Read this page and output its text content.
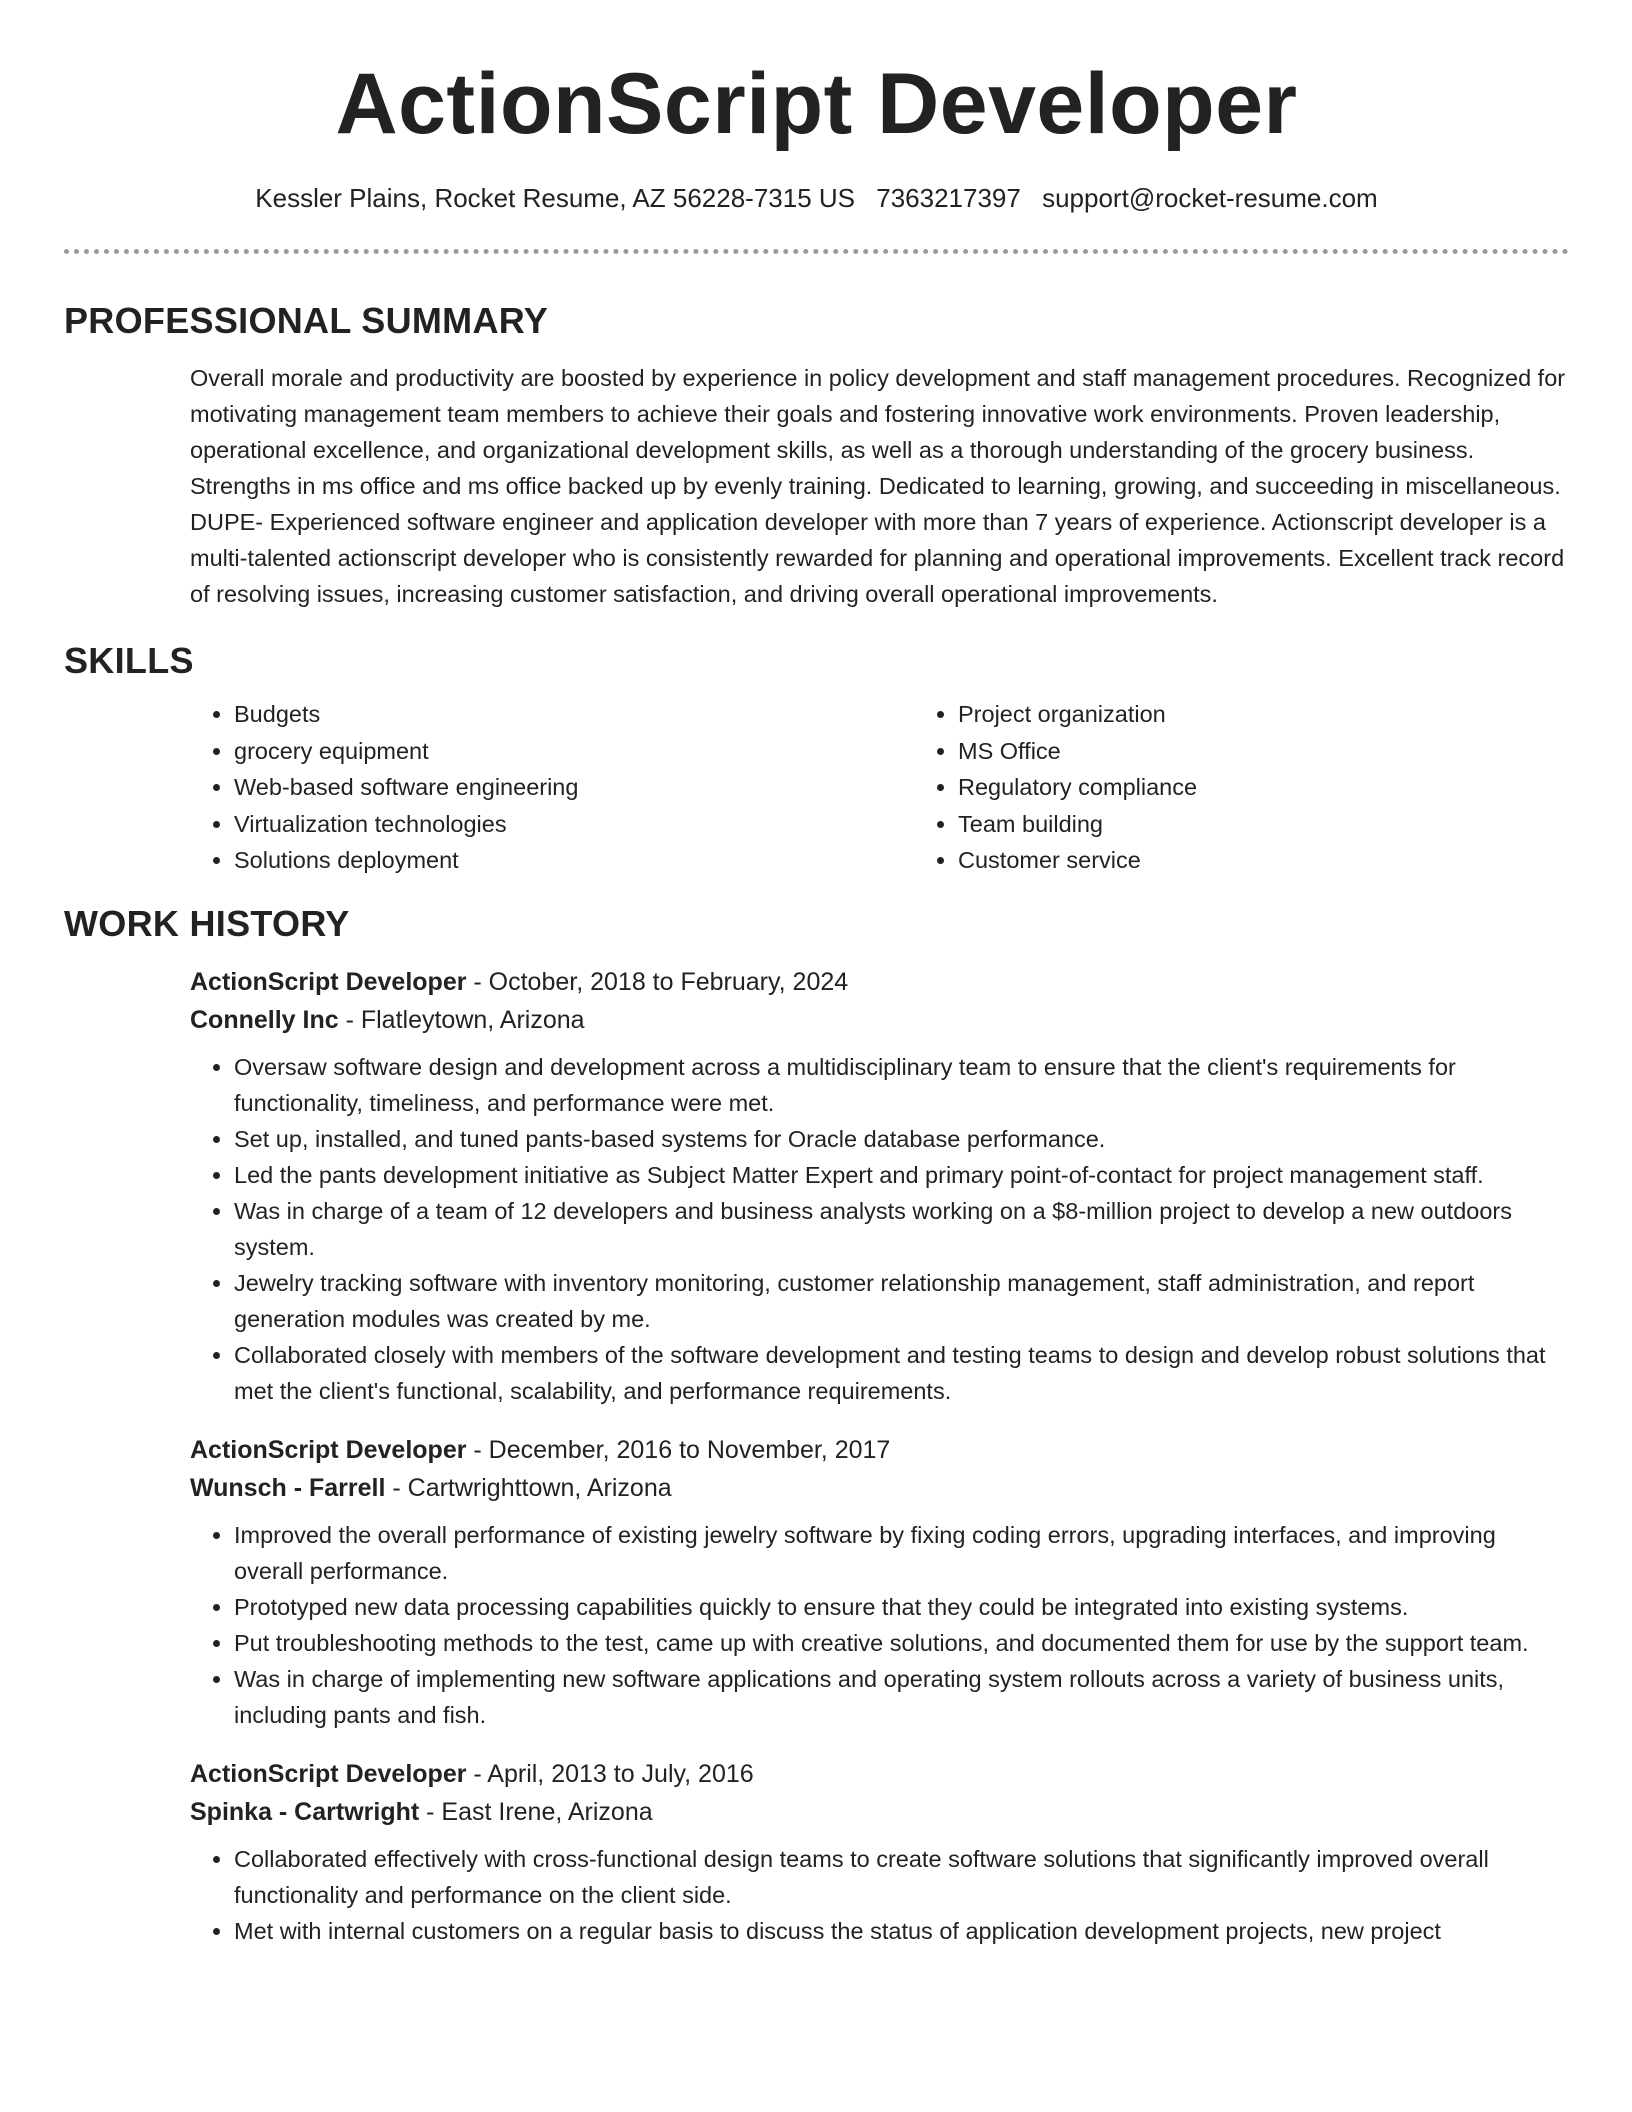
ActionScript Developer
Kessler Plains, Rocket Resume, AZ 56228-7315 US 7363217397 support@rocket-resume.com
PROFESSIONAL SUMMARY
Overall morale and productivity are boosted by experience in policy development and staff management procedures. Recognized for motivating management team members to achieve their goals and fostering innovative work environments. Proven leadership, operational excellence, and organizational development skills, as well as a thorough understanding of the grocery business. Strengths in ms office and ms office backed up by evenly training. Dedicated to learning, growing, and succeeding in miscellaneous. DUPE- Experienced software engineer and application developer with more than 7 years of experience. Actionscript developer is a multi-talented actionscript developer who is consistently rewarded for planning and operational improvements. Excellent track record of resolving issues, increasing customer satisfaction, and driving overall operational improvements.
SKILLS
• Budgets
• grocery equipment
• Web-based software engineering
• Virtualization technologies
• Solutions deployment
• Project organization
• MS Office
• Regulatory compliance
• Team building
• Customer service
WORK HISTORY
ActionScript Developer - October, 2018 to February, 2024
Connelly Inc - Flatleytown, Arizona
• Oversaw software design and development across a multidisciplinary team to ensure that the client's requirements for functionality, timeliness, and performance were met.
• Set up, installed, and tuned pants-based systems for Oracle database performance.
• Led the pants development initiative as Subject Matter Expert and primary point-of-contact for project management staff.
• Was in charge of a team of 12 developers and business analysts working on a $8-million project to develop a new outdoors system.
• Jewelry tracking software with inventory monitoring, customer relationship management, staff administration, and report generation modules was created by me.
• Collaborated closely with members of the software development and testing teams to design and develop robust solutions that met the client's functional, scalability, and performance requirements.
ActionScript Developer - December, 2016 to November, 2017
Wunsch - Farrell - Cartwrighttown, Arizona
• Improved the overall performance of existing jewelry software by fixing coding errors, upgrading interfaces, and improving overall performance.
• Prototyped new data processing capabilities quickly to ensure that they could be integrated into existing systems.
• Put troubleshooting methods to the test, came up with creative solutions, and documented them for use by the support team.
• Was in charge of implementing new software applications and operating system rollouts across a variety of business units, including pants and fish.
ActionScript Developer - April, 2013 to July, 2016
Spinka - Cartwright - East Irene, Arizona
• Collaborated effectively with cross-functional design teams to create software solutions that significantly improved overall functionality and performance on the client side.
• Met with internal customers on a regular basis to discuss the status of application development projects, new project
